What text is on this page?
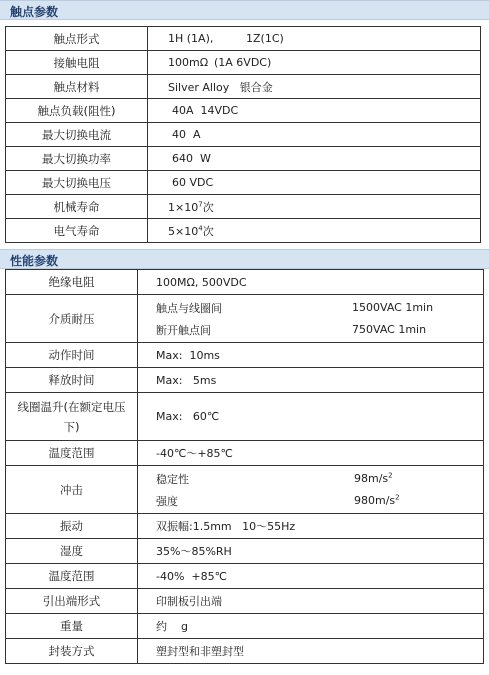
触点参数
触点形式	1H (1A), 1Z(1C)
接触电阻	100mΩ (1A 6VDC)
触点材料	Silver Alloy   银合金
触点负载(阻性)	40A  14VDC
最大切换电流	40  A
最大切换功率	640  W
最大切换电压	60 VDC
机械寿命	$1\times 10^7$次
电气寿命	$5\times 10^4$次
性能参数
绝缘电阻	100MΩ, 500VDC
介质耐压	触点与线圈间 1500VAC 1min
断开触点间 750VAC 1min

动作时间	Max:  10ms
释放时间	Max:   5ms

线圈温升(在额定电压
下)	Max:   60℃
温度范围	-40℃～+85℃
冲击	稳定性 $98m/s^2$
强度 $980m/s^2$

振动	双振幅:1.5mm   10～55Hz
湿度	35%～85%RH
温度范围	-40%  +85℃
引出端形式	印制板引出端
重量	约    g
封装方式	塑封型和非塑封型
